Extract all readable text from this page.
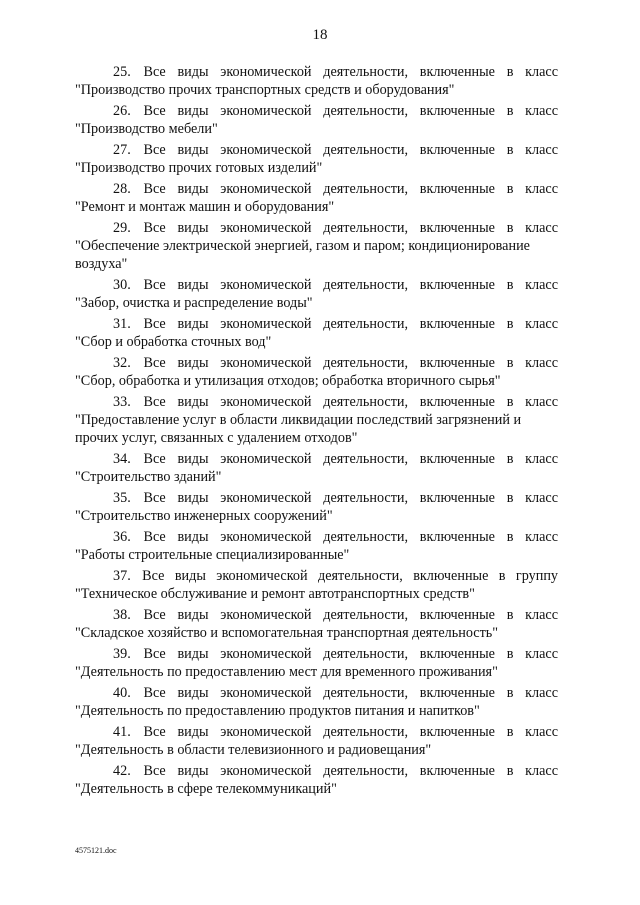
18
25. Все виды экономической деятельности, включенные в класс
"Производство прочих транспортных средств и оборудования"
26. Все виды экономической деятельности, включенные в класс
"Производство мебели"
27. Все виды экономической деятельности, включенные в класс
"Производство прочих готовых изделий"
28. Все виды экономической деятельности, включенные в класс
"Ремонт и монтаж машин и оборудования"
29. Все виды экономической деятельности, включенные в класс
"Обеспечение электрической энергией, газом и паром; кондиционирование воздуха"
30. Все виды экономической деятельности, включенные в класс
"Забор, очистка и распределение воды"
31. Все виды экономической деятельности, включенные в класс
"Сбор и обработка сточных вод"
32. Все виды экономической деятельности, включенные в класс
"Сбор, обработка и утилизация отходов; обработка вторичного сырья"
33. Все виды экономической деятельности, включенные в класс
"Предоставление услуг в области ликвидации последствий загрязнений и прочих услуг, связанных с удалением отходов"
34. Все виды экономической деятельности, включенные в класс
"Строительство зданий"
35. Все виды экономической деятельности, включенные в класс
"Строительство инженерных сооружений"
36. Все виды экономической деятельности, включенные в класс
"Работы строительные специализированные"
37. Все виды экономической деятельности, включенные в группу
"Техническое обслуживание и ремонт автотранспортных средств"
38. Все виды экономической деятельности, включенные в класс
"Складское хозяйство и вспомогательная транспортная деятельность"
39. Все виды экономической деятельности, включенные в класс
"Деятельность по предоставлению мест для временного проживания"
40. Все виды экономической деятельности, включенные в класс
"Деятельность по предоставлению продуктов питания и напитков"
41. Все виды экономической деятельности, включенные в класс
"Деятельность в области телевизионного и радиовещания"
42. Все виды экономической деятельности, включенные в класс
"Деятельность в сфере телекоммуникаций"
4575121.doc
